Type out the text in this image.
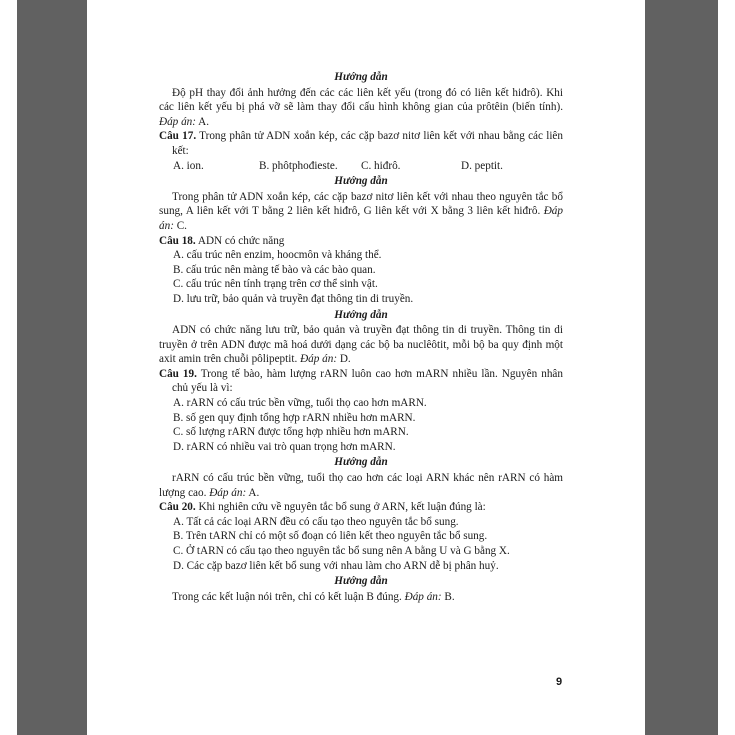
Hướng dẫn
Độ pH thay đổi ảnh hưởng đến các các liên kết yếu (trong đó có liên kết hiđrô). Khi các liên kết yếu bị phá vỡ sẽ làm thay đổi cấu hình không gian của prôtêin (biến tính). Đáp án: A.
Câu 17. Trong phân tử ADN xoắn kép, các cặp bazơ nitơ liên kết với nhau bằng các liên kết:
A. ion.	B. phôtphođieste.	C. hiđrô.	D. peptit.
Hướng dẫn
Trong phân tử ADN xoắn kép, các cặp bazơ nitơ liên kết với nhau theo nguyên tắc bổ sung, A liên kết với T bằng 2 liên kết hiđrô, G liên kết với X bằng 3 liên kết hiđrô. Đáp án: C.
Câu 18. ADN có chức năng
A. cấu trúc nên enzim, hoocmôn và kháng thể.
B. cấu trúc nên màng tế bào và các bào quan.
C. cấu trúc nên tính trạng trên cơ thể sinh vật.
D. lưu trữ, bảo quản và truyền đạt thông tin di truyền.
Hướng dẫn
ADN có chức năng lưu trữ, bảo quản và truyền đạt thông tin di truyền. Thông tin di truyền ở trên ADN được mã hoá dưới dạng các bộ ba nuclêôtit, mỗi bộ ba quy định một axit amin trên chuỗi pôlipeptit. Đáp án: D.
Câu 19. Trong tế bào, hàm lượng rARN luôn cao hơn mARN nhiều lần. Nguyên nhân chủ yếu là vì:
A. rARN có cấu trúc bền vững, tuổi thọ cao hơn mARN.
B. số gen quy định tổng hợp rARN nhiều hơn mARN.
C. số lượng rARN được tổng hợp nhiều hơn mARN.
D. rARN có nhiều vai trò quan trọng hơn mARN.
Hướng dẫn
rARN có cấu trúc bền vững, tuổi thọ cao hơn các loại ARN khác nên rARN có hàm lượng cao. Đáp án: A.
Câu 20. Khi nghiên cứu về nguyên tắc bổ sung ở ARN, kết luận đúng là:
A. Tất cả các loại ARN đều có cấu tạo theo nguyên tắc bổ sung.
B. Trên tARN chỉ có một số đoạn có liên kết theo nguyên tắc bổ sung.
C. Ở tARN có cấu tạo theo nguyên tắc bổ sung nên A bằng U và G bằng X.
D. Các cặp bazơ liên kết bổ sung với nhau làm cho ARN dễ bị phân huỷ.
Hướng dẫn
Trong các kết luận nói trên, chỉ có kết luận B đúng. Đáp án: B.
9
